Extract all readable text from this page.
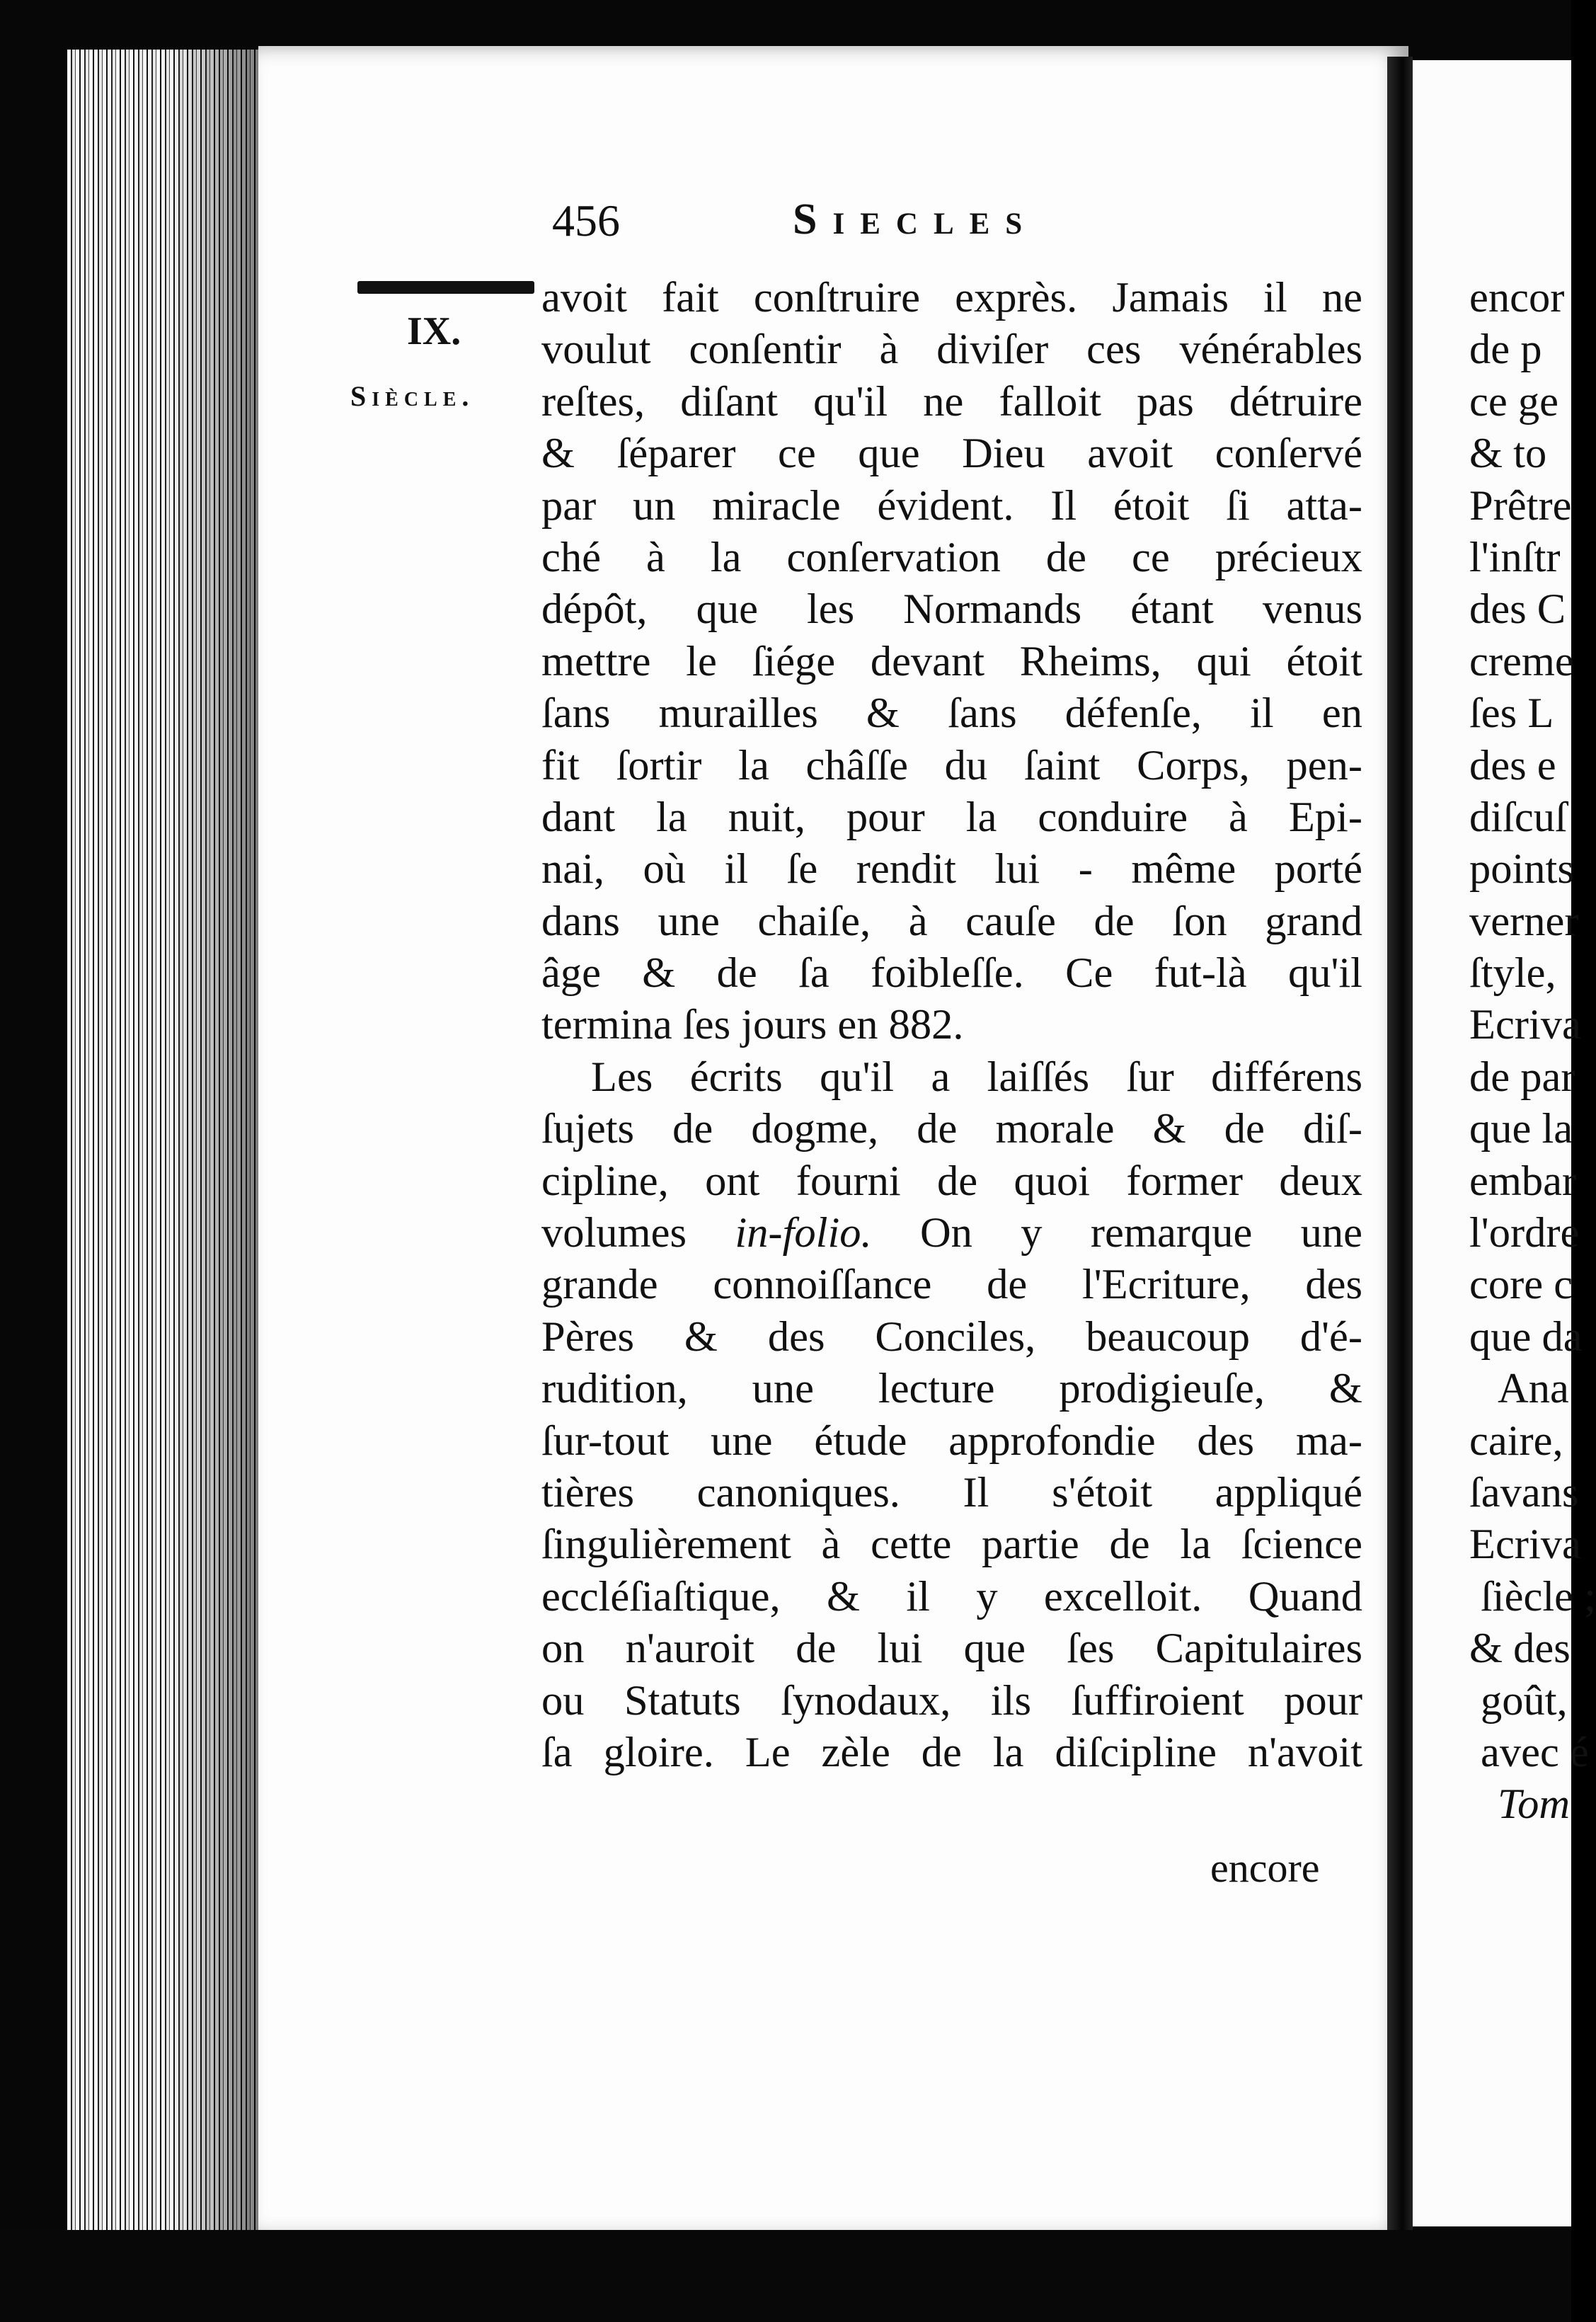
456	Siecles
IX.
Siècle.
avoit fait conſtruire exprès. Jamais il ne
voulut conſentir à diviſer ces vénérables
reſtes, diſant qu'il ne falloit pas détruire
& ſéparer ce que Dieu avoit conſervé
par un miracle évident. Il étoit ſi atta-
ché à la conſervation de ce précieux
dépôt, que les Normands étant venus
mettre le ſiége devant Rheims, qui étoit
ſans murailles & ſans défenſe, il en
fit ſortir la châſſe du ſaint Corps, pen-
dant la nuit, pour la conduire à Epi-
nai, où il ſe rendit lui - même porté
dans une chaiſe, à cauſe de ſon grand
âge & de ſa foibleſſe. Ce fut-là qu'il
termina ſes jours en 882.
Les écrits qu'il a laiſſés ſur différens
ſujets de dogme, de morale & de diſ-
cipline, ont fourni de quoi former deux
volumes in-folio. On y remarque une
grande connoiſſance de l'Ecriture, des
Pères & des Conciles, beaucoup d'é-
rudition, une lecture prodigieuſe, &
ſur-tout une étude approfondie des ma-
tières canoniques. Il s'étoit appliqué
ſingulièrement à cette partie de la ſcience
eccléſiaſtique, & il y excelloit. Quand
on n'auroit de lui que ſes Capitulaires
ou Statuts ſynodaux, ils ſuffiroient pour
ſa gloire. Le zèle de la diſcipline n'avoit
encore
encor
de p
ce ge
& to
Prêtre
l'inſtr
des C
creme
ſes L
des e
diſcuſ
points
verner
ſtyle,
Ecriva
de par
que la
embar
l'ordre
core c
que da
Ana
caire,
ſavans
Ecriva
ſiècle ;
& des
goût,
avec é
Tom
